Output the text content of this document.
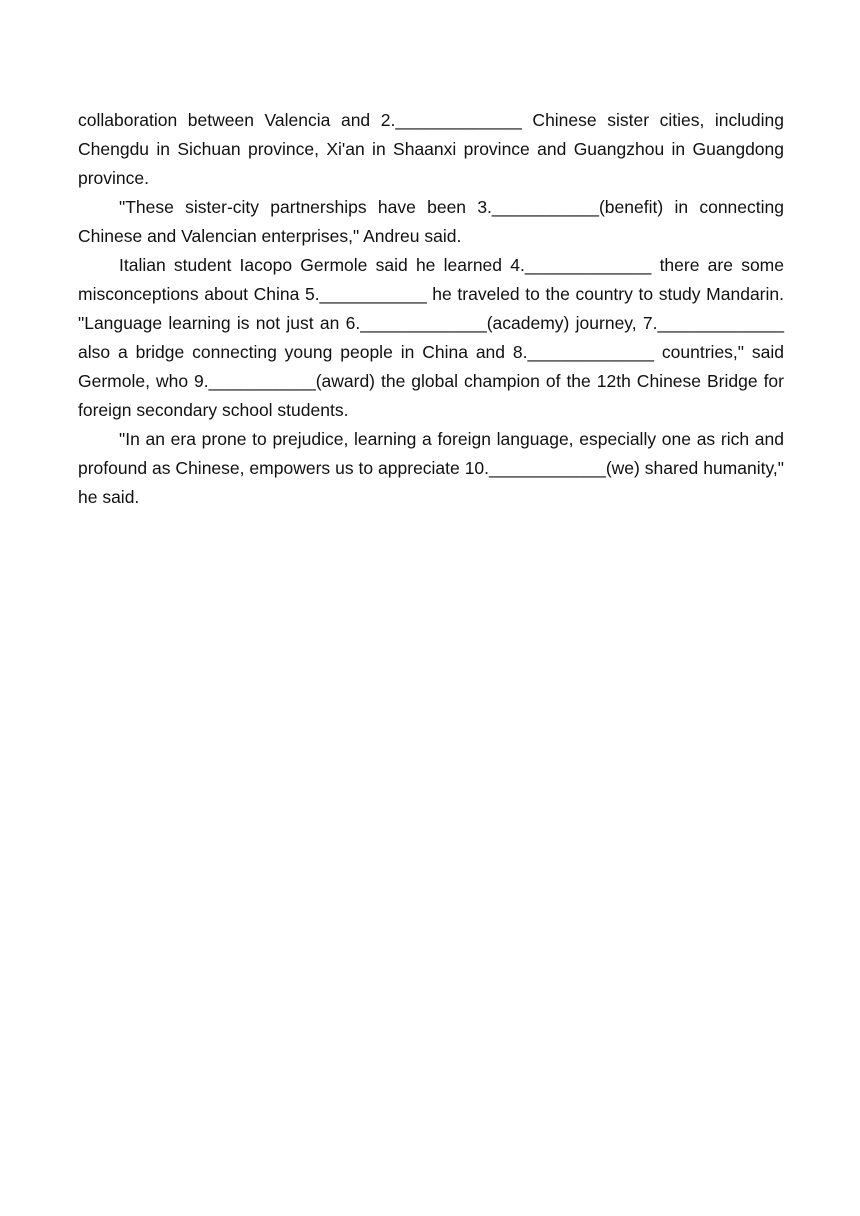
collaboration between Valencia and 2._____________ Chinese sister cities, including Chengdu in Sichuan province, Xi'an in Shaanxi province and Guangzhou in Guangdong province.

"These sister-city partnerships have been 3.___________(benefit) in connecting Chinese and Valencian enterprises," Andreu said.

Italian student Iacopo Germole said he learned 4._____________ there are some misconceptions about China 5.___________ he traveled to the country to study Mandarin. "Language learning is not just an 6._____________(academy) journey, 7._____________ also a bridge connecting young people in China and 8._____________ countries," said Germole, who 9.___________(award) the global champion of the 12th Chinese Bridge for foreign secondary school students.

"In an era prone to prejudice, learning a foreign language, especially one as rich and profound as Chinese, empowers us to appreciate 10.____________(we) shared humanity," he said.
